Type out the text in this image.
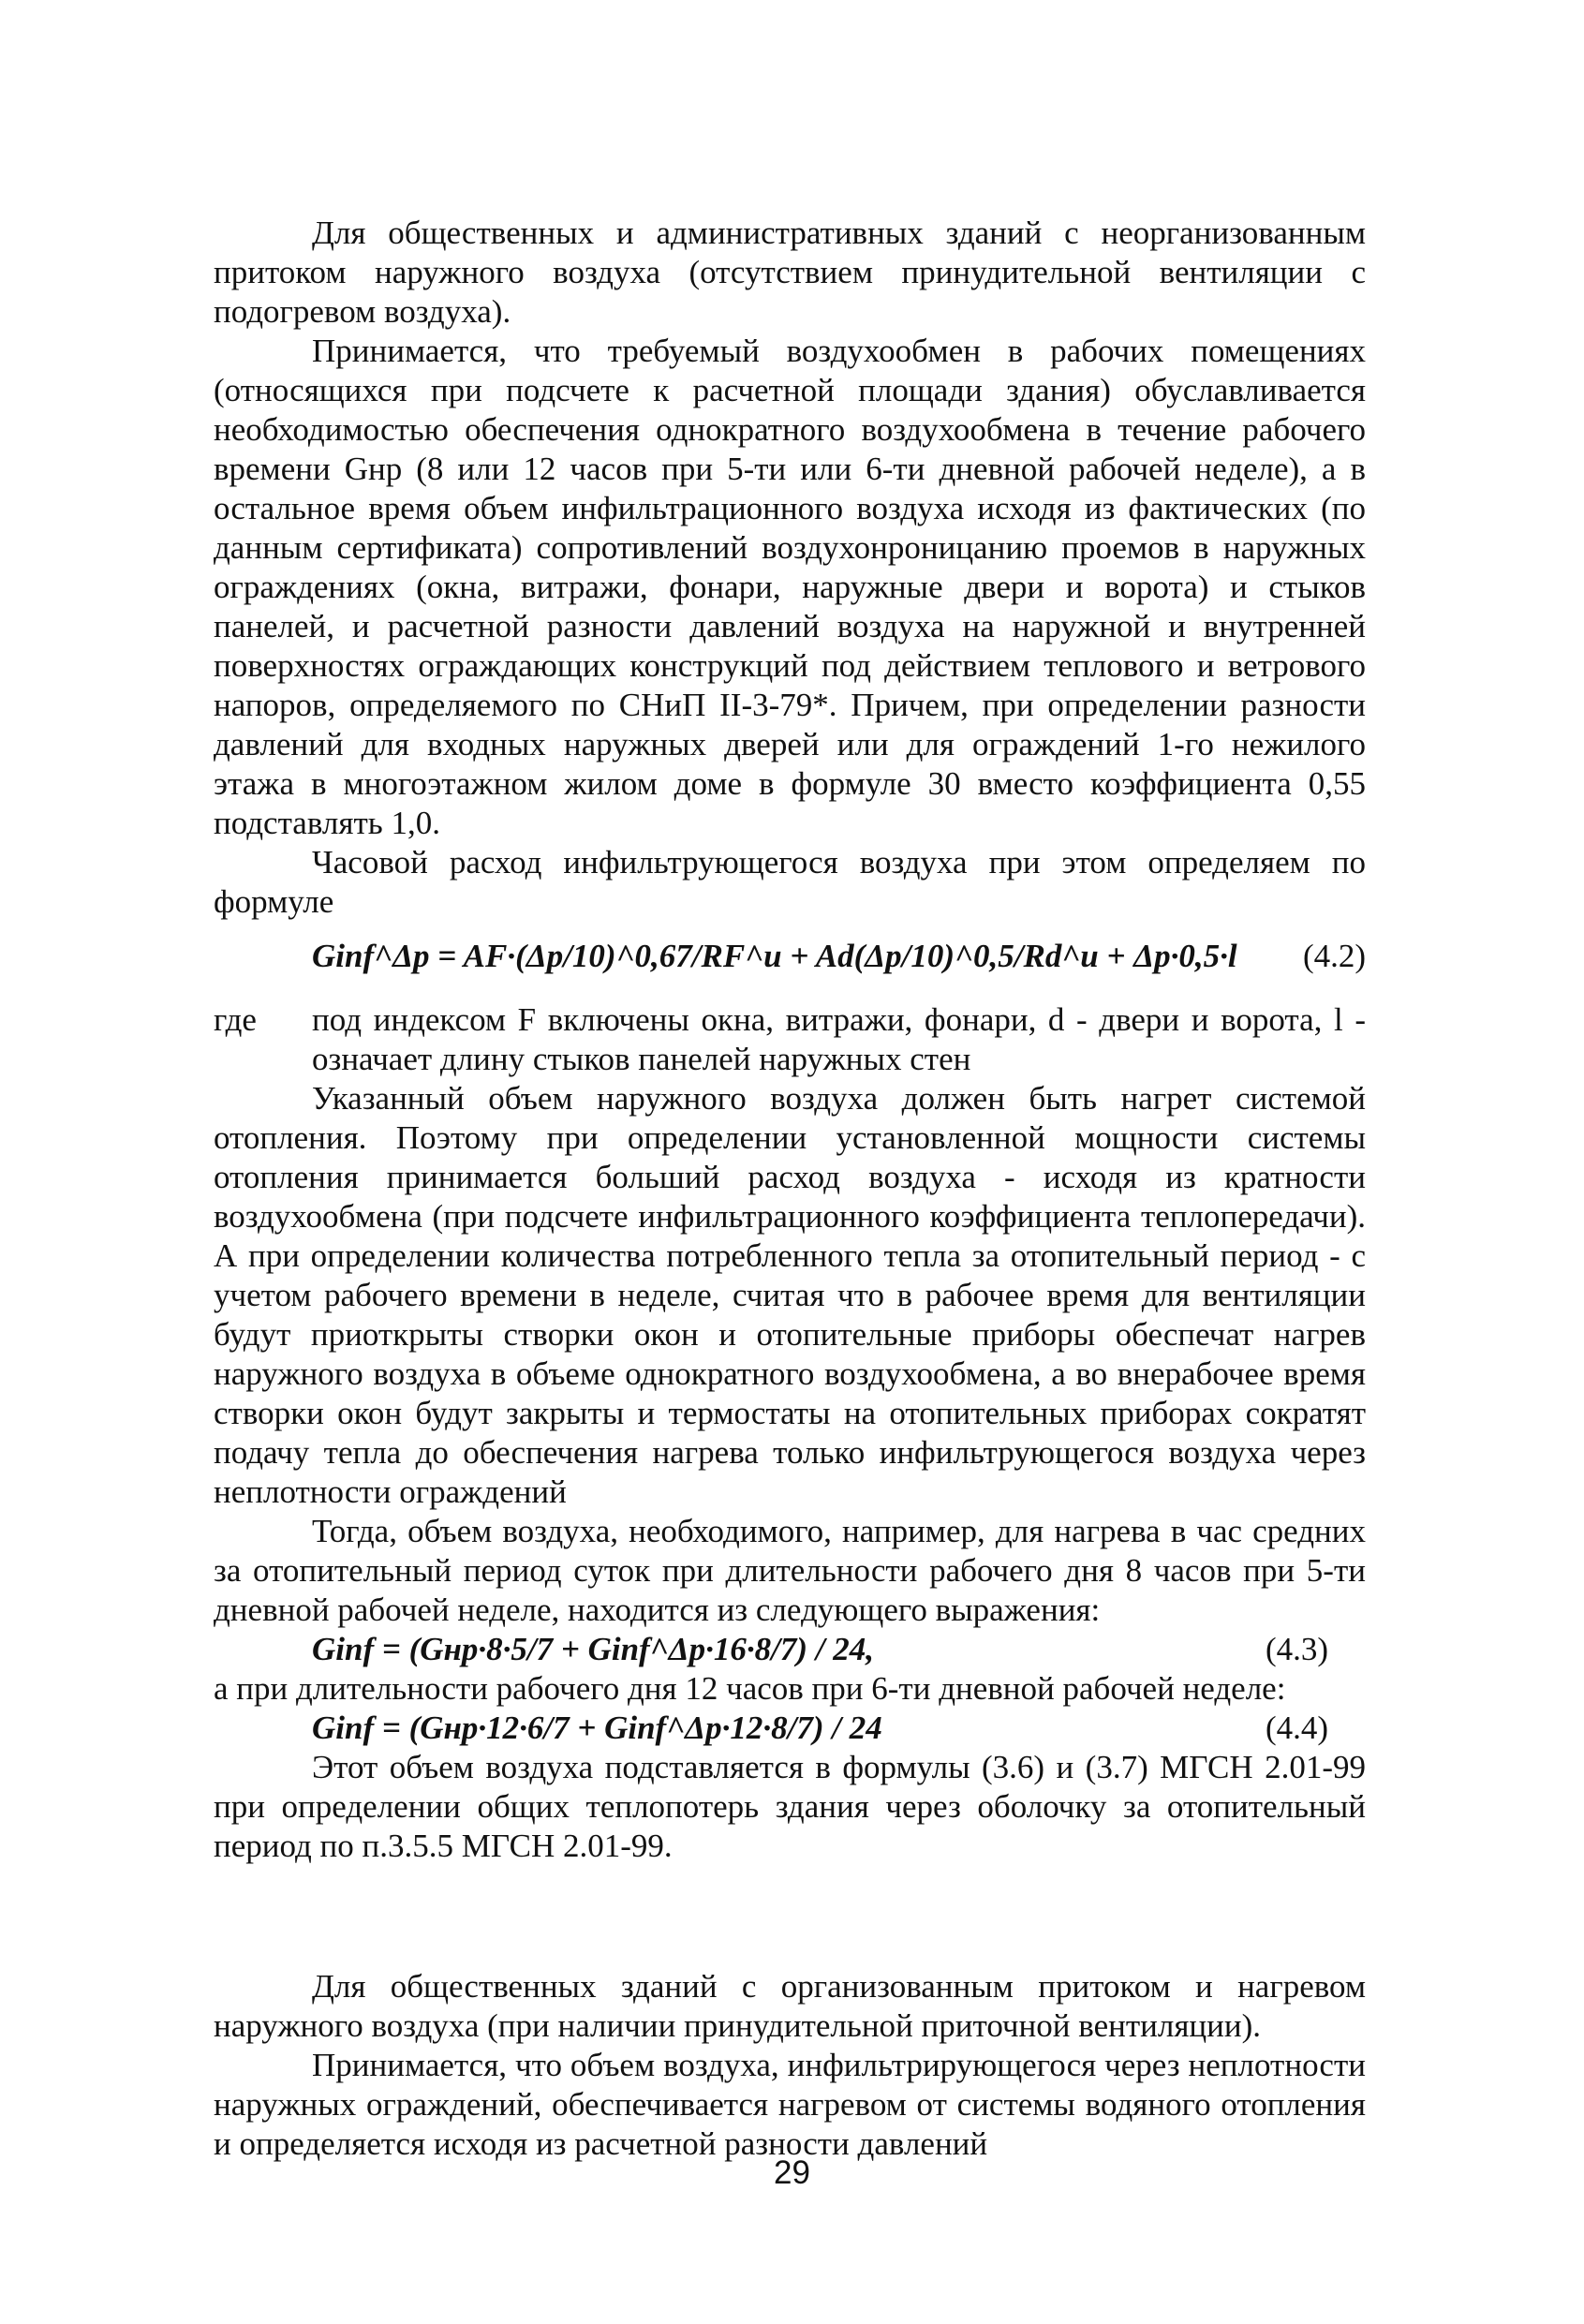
Для общественных и административных зданий с неорганизованным притоком наружного воздуха (отсутствием принудительной вентиляции с подогревом воздуха).

Принимается, что требуемый воздухообмен в рабочих помещениях (относящихся при подсчете к расчетной площади здания) обуславливается необходимостью обеспечения однократного воздухообмена в течение рабочего времени Gнр (8 или 12 часов при 5-ти или 6-ти дневной рабочей неделе), а в остальное время объем инфильтрационного воздуха исходя из фактических (по данным сертификата) сопротивлений воздухонроницанию проемов в наружных ограждениях (окна, витражи, фонари, наружные двери и ворота) и стыков панелей, и расчетной разности давлений воздуха на наружной и внутренней поверхностях ограждающих конструкций под действием теплового и ветрового напоров, определяемого по СНиП II-3-79*. Причем, при определении разности давлений для входных наружных дверей или для ограждений 1-го нежилого этажа в многоэтажном жилом доме в формуле 30 вместо коэффициента 0,55 подставлять 1,0.

Часовой расход инфильтрующегося воздуха при этом определяем по формуле

Ginf^Δp = AF·(Δp/10)^0,67/RF^u + Ad(Δp/10)^0,5/Rd^u + Δp·0,5·l (4.2)
где	под индексом F включены окна, витражи, фонари, d - двери и ворота, l - означает длину стыков панелей наружных стен

Указанный объем наружного воздуха должен быть нагрет системой отопления. Поэтому при определении установленной мощности системы отопления принимается больший расход воздуха - исходя из кратности воздухообмена (при подсчете инфильтрационного коэффициента теплопередачи). А при определении количества потребленного тепла за отопительный период - с учетом рабочего времени в неделе, считая что в рабочее время для вентиляции будут приоткрыты створки окон и отопительные приборы обеспечат нагрев наружного воздуха в объеме однократного воздухообмена, а во внерабочее время створки окон будут закрыты и термостаты на отопительных приборах сократят подачу тепла до обеспечения нагрева только инфильтрующегося воздуха через неплотности ограждений

Тогда, объем воздуха, необходимого, например, для нагрева в час средних за отопительный период суток при длительности рабочего дня 8 часов при 5-ти дневной рабочей неделе, находится из следующего выражения:

Ginf = (Gнр·8·5/7 + Ginf^Δp·16·8/7) / 24,	(4.3)

а при длительности рабочего дня 12 часов при 6-ти дневной рабочей неделе:

Ginf = (Gнр·12·6/7 + Ginf^Δp·12·8/7) / 24	(4.4)

Этот объем воздуха подставляется в формулы (3.6) и (3.7) МГСН 2.01-99 при определении общих теплопотерь здания через оболочку за отопительный период по п.3.5.5 МГСН 2.01-99.

Для общественных зданий с организованным притоком и нагревом наружного воздуха (при наличии принудительной приточной вентиляции).

Принимается, что объем воздуха, инфильтрирующегося через неплотности наружных ограждений, обеспечивается нагревом от системы водяного отопления и определяется исходя из расчетной разности давлений

29
